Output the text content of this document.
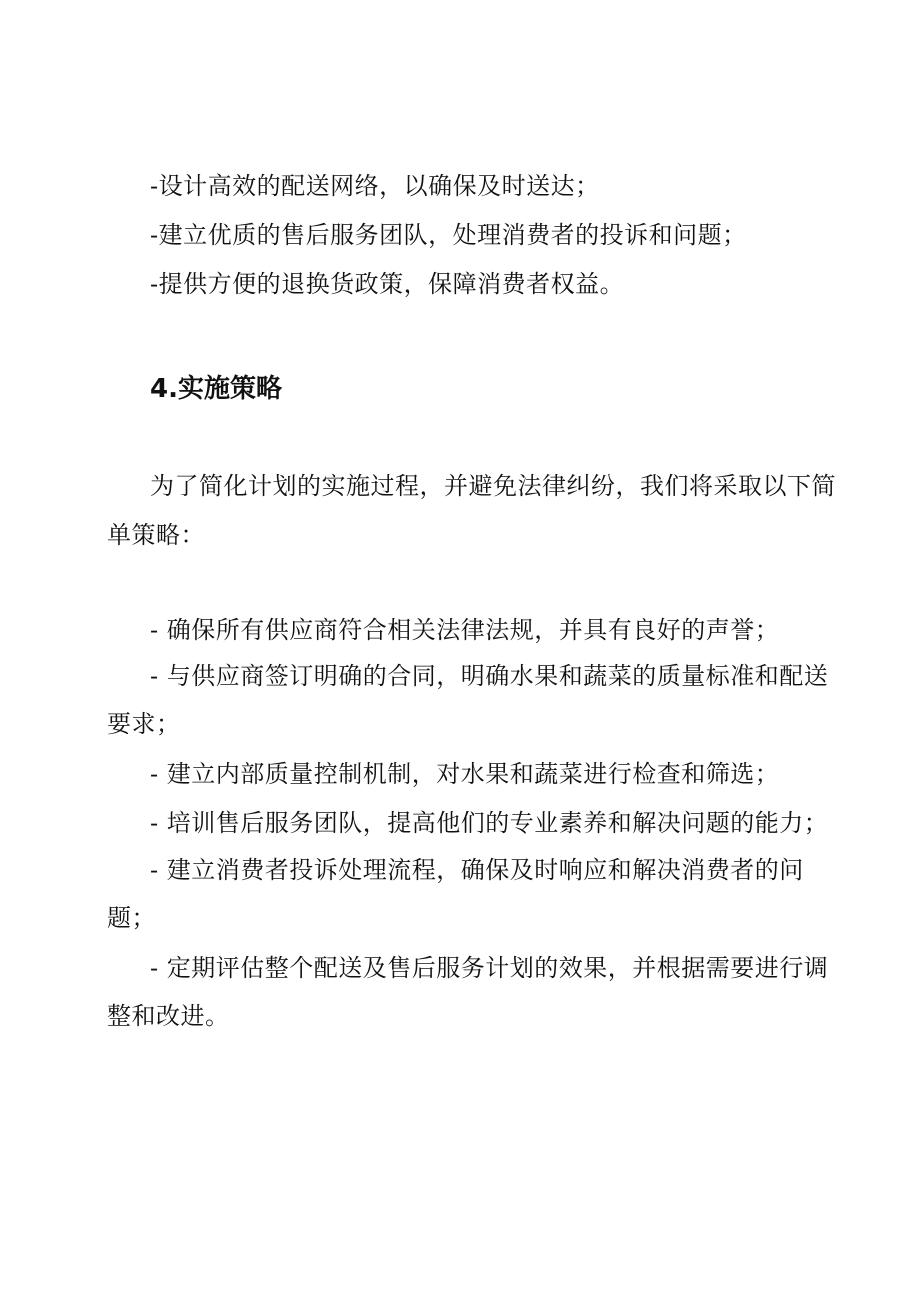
-设计高效的配送网络，以确保及时送达；
-建立优质的售后服务团队，处理消费者的投诉和问题；
-提供方便的退换货政策，保障消费者权益。
4.实施策略
为了简化计划的实施过程，并避免法律纠纷，我们将采取以下简
单策略：
- 确保所有供应商符合相关法律法规，并具有良好的声誉；
- 与供应商签订明确的合同，明确水果和蔬菜的质量标准和配送
要求；
- 建立内部质量控制机制，对水果和蔬菜进行检查和筛选；
- 培训售后服务团队，提高他们的专业素养和解决问题的能力；
- 建立消费者投诉处理流程，确保及时响应和解决消费者的问
题；
- 定期评估整个配送及售后服务计划的效果，并根据需要进行调
整和改进。
